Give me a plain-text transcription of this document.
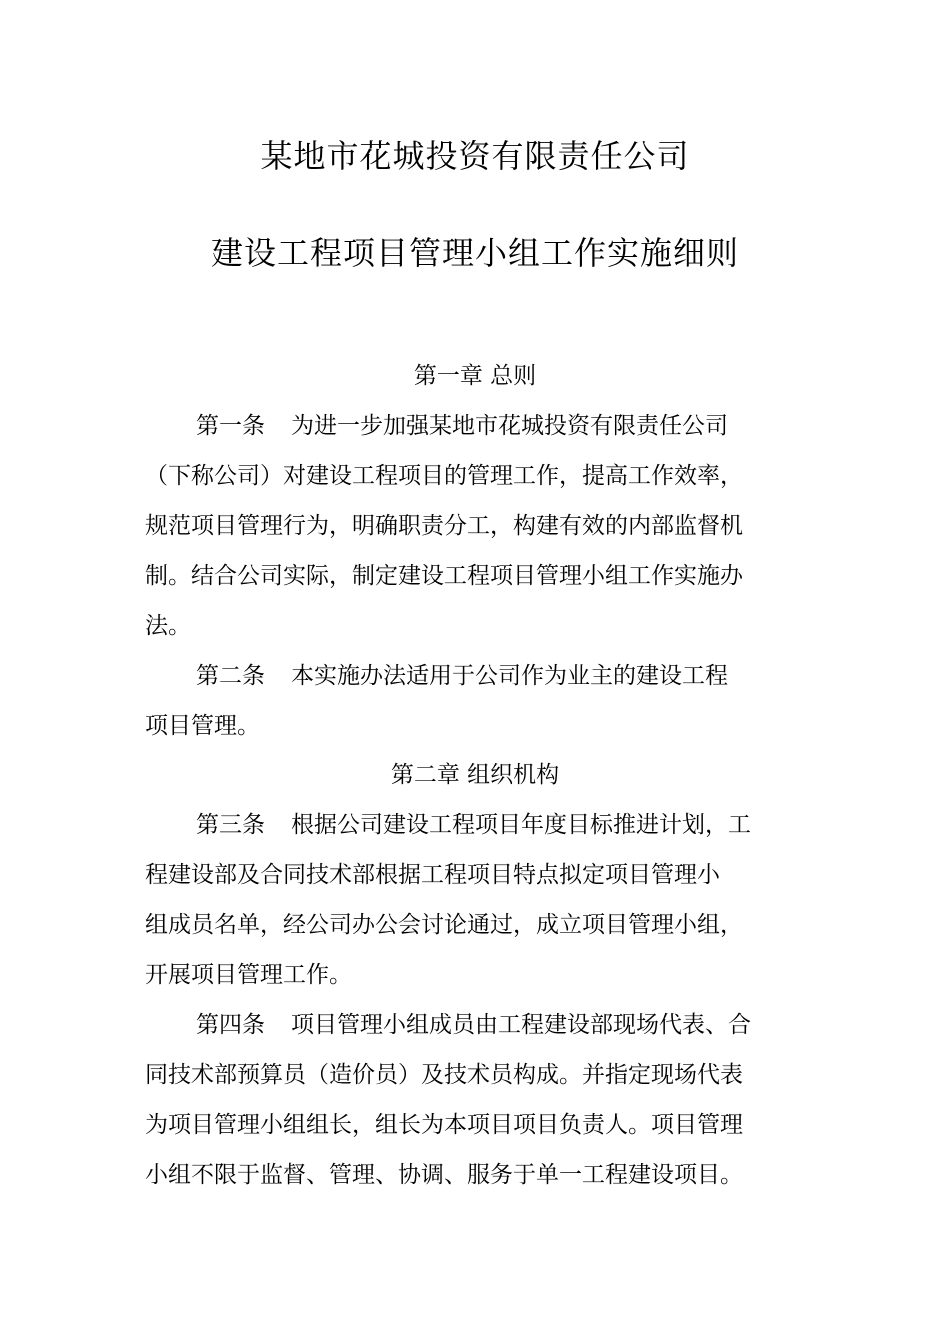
某地市花城投资有限责任公司
建设工程项目管理小组工作实施细则
第一章 总则

第一条 为进一步加强某地市花城投资有限责任公司

（下称公司）对建设工程项目的管理工作，提高工作效率，

规范项目管理行为，明确职责分工，构建有效的内部监督机

制。结合公司实际，制定建设工程项目管理小组工作实施办

法。

第二条 本实施办法适用于公司作为业主的建设工程

项目管理。

第二章 组织机构

第三条 根据公司建设工程项目年度目标推进计划，工

程建设部及合同技术部根据工程项目特点拟定项目管理小

组成员名单，经公司办公会讨论通过，成立项目管理小组，

开展项目管理工作。

第四条 项目管理小组成员由工程建设部现场代表、合

同技术部预算员（造价员）及技术员构成。并指定现场代表

为项目管理小组组长，组长为本项目项目负责人。项目管理

小组不限于监督、管理、协调、服务于单一工程建设项目。
